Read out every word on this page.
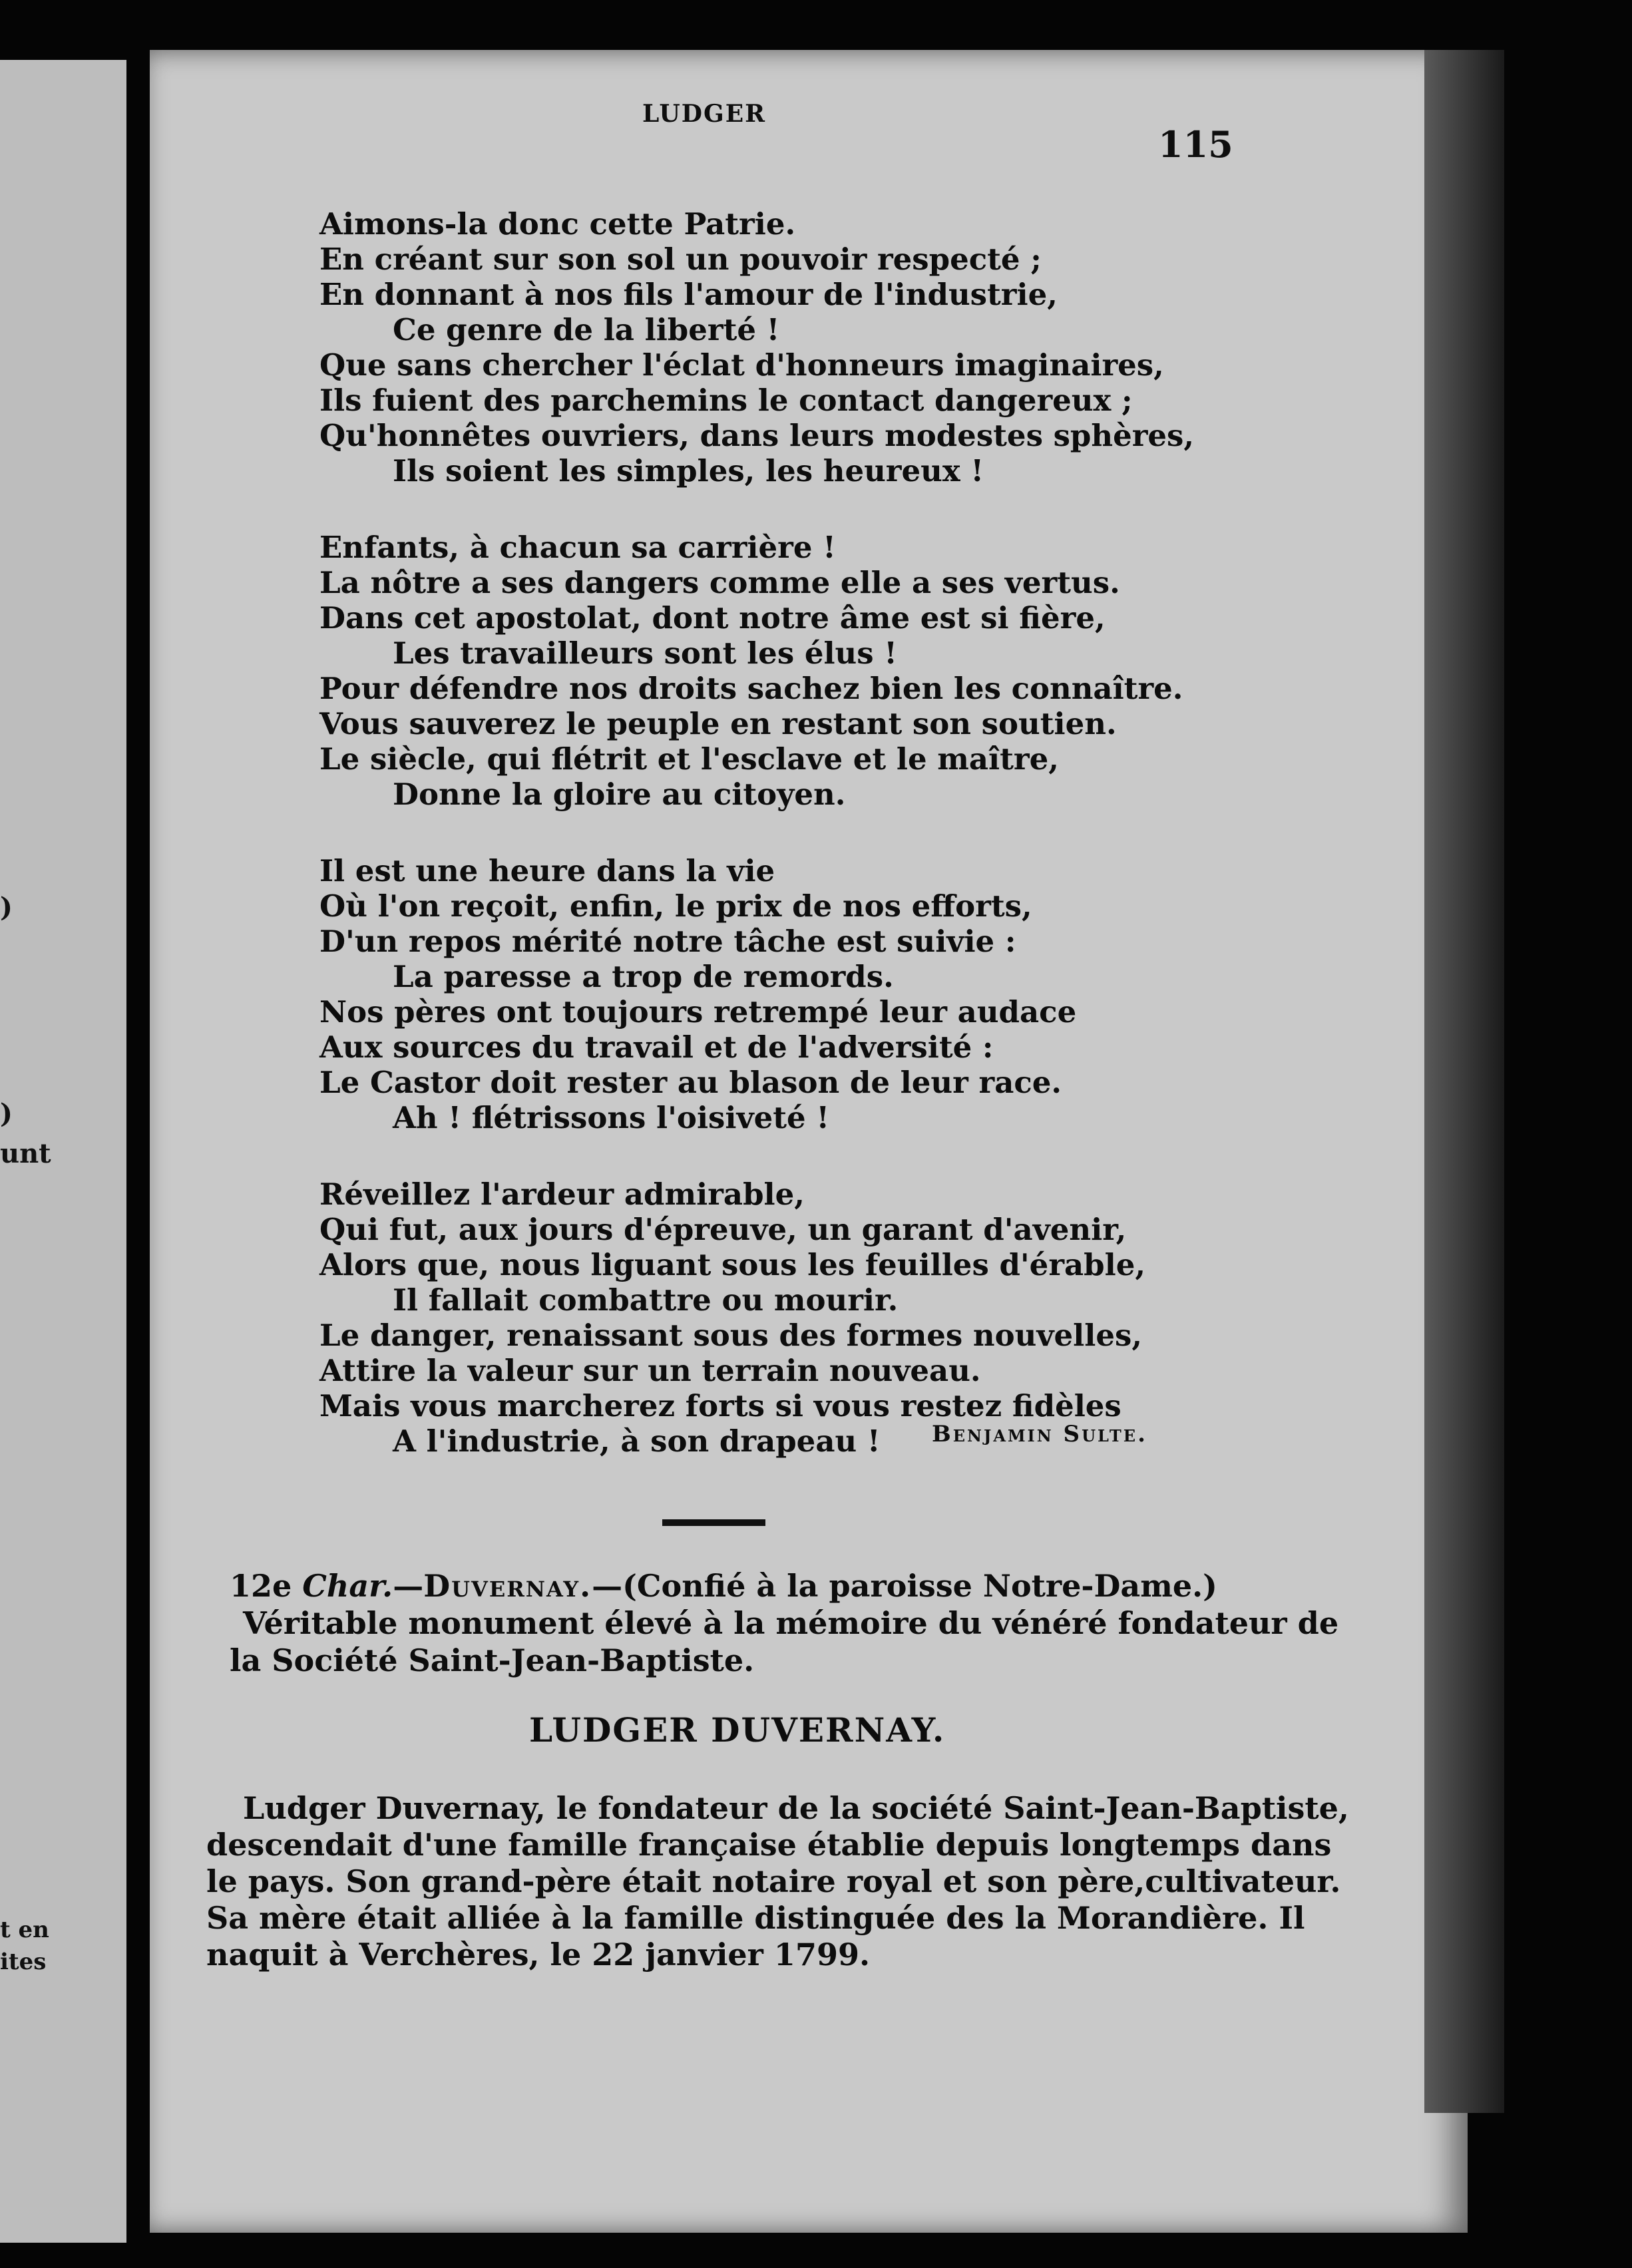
)
)
unt
t en
ites
LUDGER
115
Aimons-la donc cette Patrie.
En créant sur son sol un pouvoir respecté ;
En donnant à nos fils l'amour de l'industrie,
Ce genre de la liberté !
Que sans chercher l'éclat d'honneurs imaginaires,
Ils fuient des parchemins le contact dangereux ;
Qu'honnêtes ouvriers, dans leurs modestes sphères,
Ils soient les simples, les heureux !
Enfants, à chacun sa carrière !
La nôtre a ses dangers comme elle a ses vertus.
Dans cet apostolat, dont notre âme est si fière,
Les travailleurs sont les élus !
Pour défendre nos droits sachez bien les connaître.
Vous sauverez le peuple en restant son soutien.
Le siècle, qui flétrit et l'esclave et le maître,
Donne la gloire au citoyen.
Il est une heure dans la vie
Où l'on reçoit, enfin, le prix de nos efforts,
D'un repos mérité notre tâche est suivie :
La paresse a trop de remords.
Nos pères ont toujours retrempé leur audace
Aux sources du travail et de l'adversité :
Le Castor doit rester au blason de leur race.
Ah ! flétrissons l'oisiveté !
Réveillez l'ardeur admirable,
Qui fut, aux jours d'épreuve, un garant d'avenir,
Alors que, nous liguant sous les feuilles d'érable,
Il fallait combattre ou mourir.
Le danger, renaissant sous des formes nouvelles,
Attire la valeur sur un terrain nouveau.
Mais vous marcherez forts si vous restez fidèles
A l'industrie, à son drapeau !	Benjamin Sulte.
12e Char.—Duvernay.—(Confié à la paroisse Notre-Dame.)
Véritable monument élevé à la mémoire du vénéré fondateur de
la Société Saint-Jean-Baptiste.
LUDGER DUVERNAY.
Ludger Duvernay, le fondateur de la société Saint-Jean-Baptiste,
descendait d'une famille française établie depuis longtemps dans
le pays. Son grand-père était notaire royal et son père,cultivateur.
Sa mère était alliée à la famille distinguée des la Morandière. Il
naquit à Verchères, le 22 janvier 1799.
